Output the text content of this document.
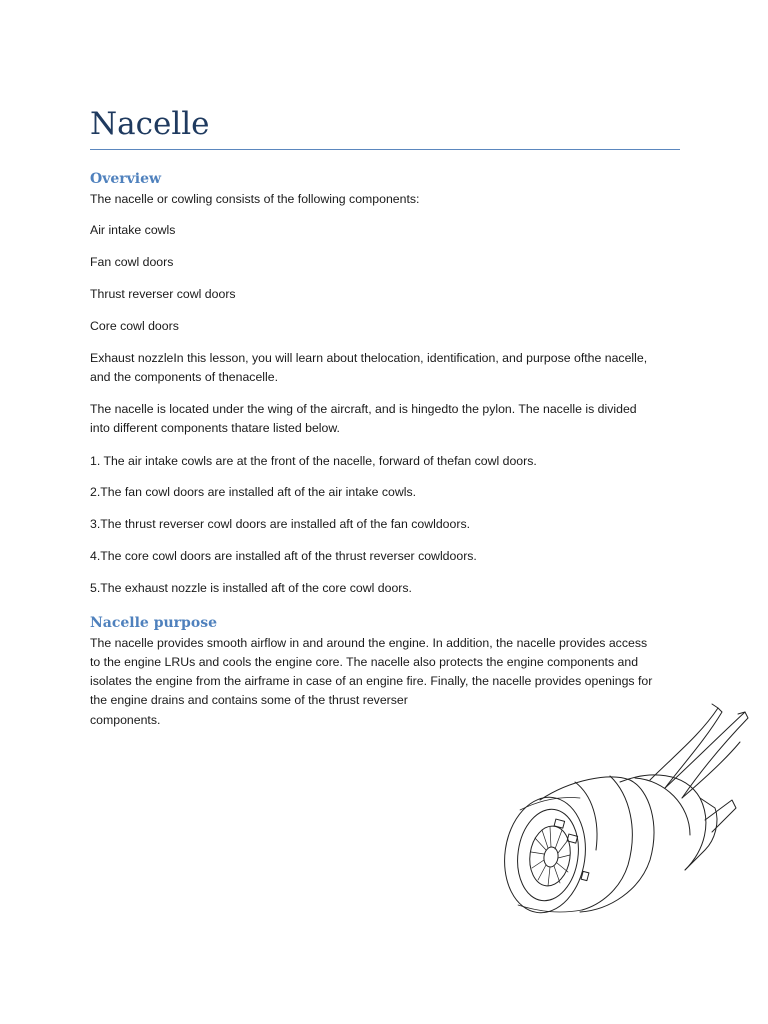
Nacelle
Overview

The nacelle or cowling consists of the following components:

Air intake cowls

Fan cowl doors

Thrust reverser cowl doors

Core cowl doors

Exhaust nozzleIn this lesson, you will learn about thelocation, identification, and purpose ofthe nacelle,

and the components of thenacelle.

The nacelle is located under the wing of the aircraft, and is hingedto the pylon. The nacelle is divided

into different components thatare listed below.

1. The air intake cowls are at the front of the nacelle, forward of thefan cowl doors.

2.The fan cowl doors are installed aft of the air intake cowls.

3.The thrust reverser cowl doors are installed aft of the fan cowldoors.

4.The core cowl doors are installed aft of the thrust reverser cowldoors.

5.The exhaust nozzle is installed aft of the core cowl doors.

Nacelle purpose

The nacelle provides smooth airflow in and around the engine. In addition, the nacelle provides access

to the engine LRUs and cools the engine core. The nacelle also protects the engine components and

isolates the engine from the airframe in case of an engine fire. Finally, the nacelle provides openings for

the engine drains and contains some of the thrust reverser

components.
